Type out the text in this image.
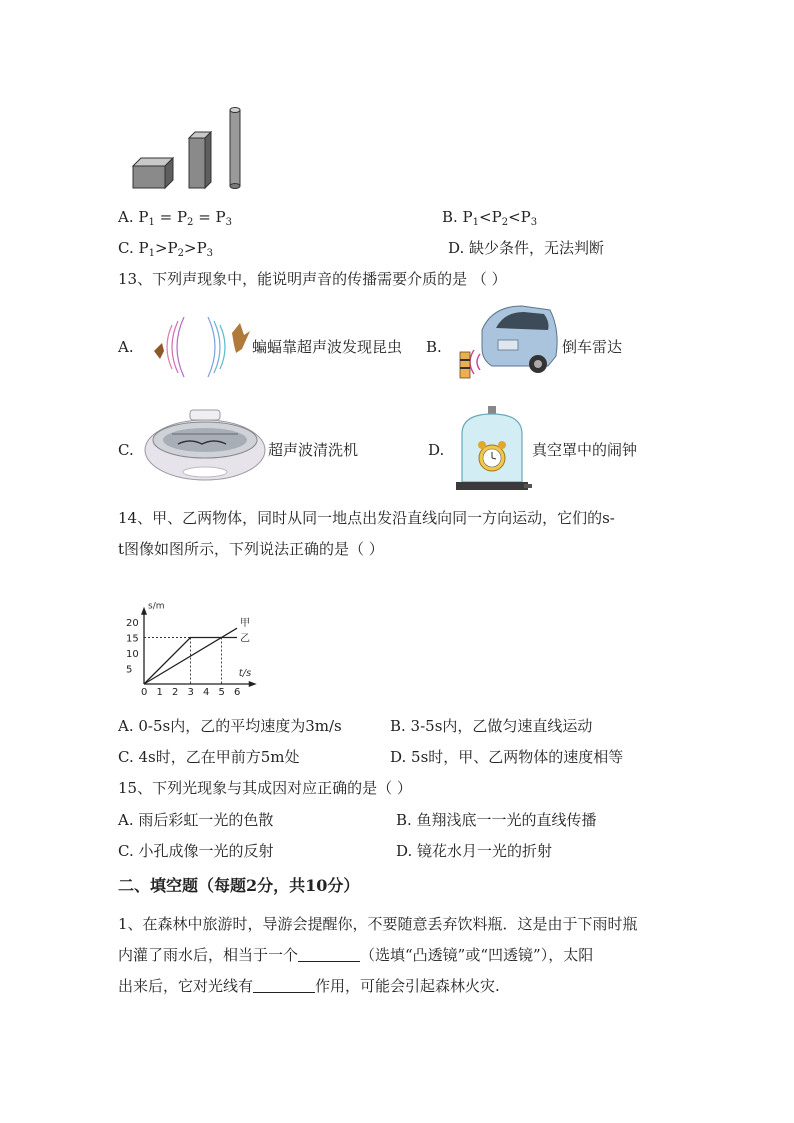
A. $P_1 = P_2 = P_3$	B. $P_1<P_2<P_3$
C. $P_1>P_2>P_3$	D. 缺少条件，无法判断
13、下列声现象中，能说明声音的传播需要介质的是 （ ）
A.	蝙蝠靠超声波发现昆虫 B.	倒车雷达
C.	超声波清洗机	D.	真空罩中的闹钟
14、甲、乙两物体，同时从同一地点出发沿直线向同一方向运动，它们的s-
t图像如图所示，下列说法正确的是（ ）
s/m
t/s
0 1 2 3 4 5 6
5
10
15
20	甲
乙
A. 0-5s内，乙的平均速度为3m/s	B. 3-5s内，乙做匀速直线运动
C. 4s时，乙在甲前方5m处	D. 5s时，甲、乙两物体的速度相等
15、下列光现象与其成因对应正确的是（ ）
A. 雨后彩虹一光的色散	B. 鱼翔浅底一一光的直线传播
C. 小孔成像一光的反射	D. 镜花水月一光的折射
二、填空题（每题2分，共10分）
1、在森林中旅游时，导游会提醒你，不要随意丢弃饮料瓶．这是由于下雨时瓶
内灌了雨水后，相当于一个	（选填“凸透镜”或“凹透镜”），太阳
出来后，它对光线有	作用，可能会引起森林火灾.
